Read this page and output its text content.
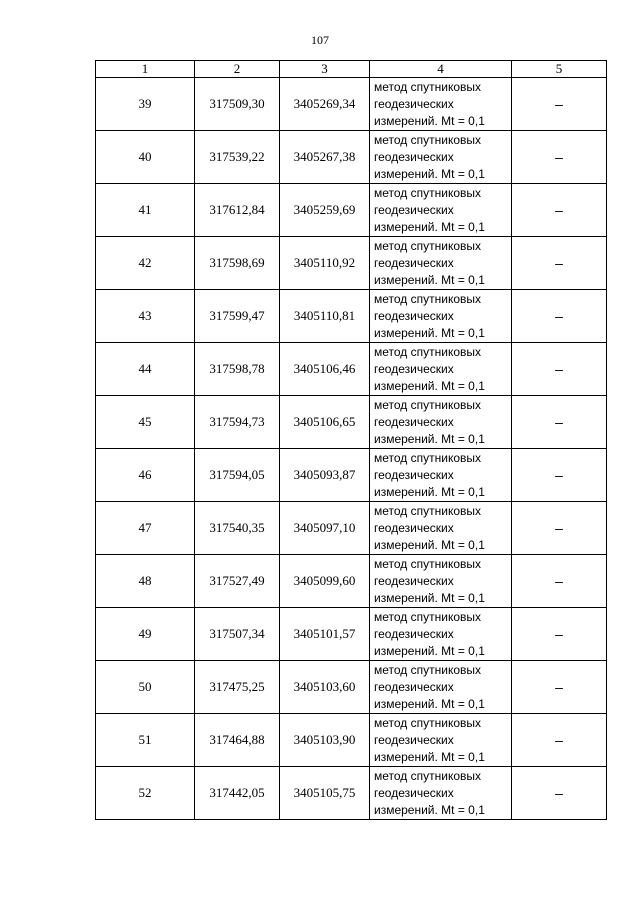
107
1	2	3	4	5
39	317509,30	3405269,34	метод спутниковых
геодезических
измерений. Mt = 0,1	–
40	317539,22	3405267,38	метод спутниковых
геодезических
измерений. Mt = 0,1	–
41	317612,84	3405259,69	метод спутниковых
геодезических
измерений. Mt = 0,1	–
42	317598,69	3405110,92	метод спутниковых
геодезических
измерений. Mt = 0,1	–
43	317599,47	3405110,81	метод спутниковых
геодезических
измерений. Mt = 0,1	–
44	317598,78	3405106,46	метод спутниковых
геодезических
измерений. Mt = 0,1	–
45	317594,73	3405106,65	метод спутниковых
геодезических
измерений. Mt = 0,1	–
46	317594,05	3405093,87	метод спутниковых
геодезических
измерений. Mt = 0,1	–
47	317540,35	3405097,10	метод спутниковых
геодезических
измерений. Mt = 0,1	–
48	317527,49	3405099,60	метод спутниковых
геодезических
измерений. Mt = 0,1	–
49	317507,34	3405101,57	метод спутниковых
геодезических
измерений. Mt = 0,1	–
50	317475,25	3405103,60	метод спутниковых
геодезических
измерений. Mt = 0,1	–
51	317464,88	3405103,90	метод спутниковых
геодезических
измерений. Mt = 0,1	–
52	317442,05	3405105,75	метод спутниковых
геодезических
измерений. Mt = 0,1	–
